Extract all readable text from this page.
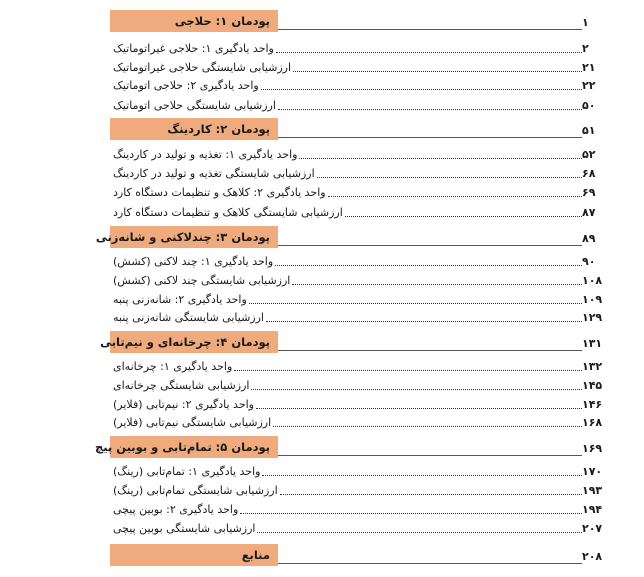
پودمان ۱: حلاجی	۱
واحد یادگیری ۱: حلاجی غیراتوماتیک	۲
ارزشیابی شایستگی حلاجی غیراتوماتیک	۲۱
واحد یادگیری ۲: حلاجی اتوماتیک	۲۲
ارزشیابی شایستگی حلاجی اتوماتیک	۵۰
پودمان ۲: کاردینگ	۵۱
واحد یادگیری ۱: تغذیه و تولید در کاردینگ	۵۲
ارزشیابی شایستگی تغذیه و تولید در کاردینگ	۶۸
واحد یادگیری ۲: کلاهک و تنظیمات دستگاه کارد	۶۹
ارزشیابی شایستگی کلاهک و تنظیمات دستگاه کارد	۸۷
پودمان ۳: چندلاکنی و شانه‌زنی	۸۹
واحد یادگیری ۱: چند لاکنی (کشش)	۹۰
ارزشیابی شایستگی چند لاکنی (کشش)	۱۰۸
واحد یادگیری ۲: شانه‌زنی پنبه	۱۰۹
ارزشیابی شایستگی شانه‌زنی پنبه	۱۲۹
پودمان ۴: چرخانه‌ای و نیم‌تابی	۱۳۱
واحد یادگیری ۱: چرخانه‌ای	۱۳۲
ارزشیابی شایستگی چرخانه‌ای	۱۴۵
واحد یادگیری ۲: نیم‌تابی (فلایر)	۱۴۶
ارزشیابی شایستگی نیم‌تابی (فلایر)	۱۶۸
پودمان ۵: تمام‌تابی و بوبین پیچ	۱۶۹
واحد یادگیری ۱: تمام‌تابی (رینگ)	۱۷۰
ارزشیابی شایستگی تمام‌تابی (رینگ)	۱۹۳
واحد یادگیری ۲: بوبین پیچی	۱۹۴
ارزشیابی شایستگی بوبین پیچی	۲۰۷
منابع	۲۰۸
